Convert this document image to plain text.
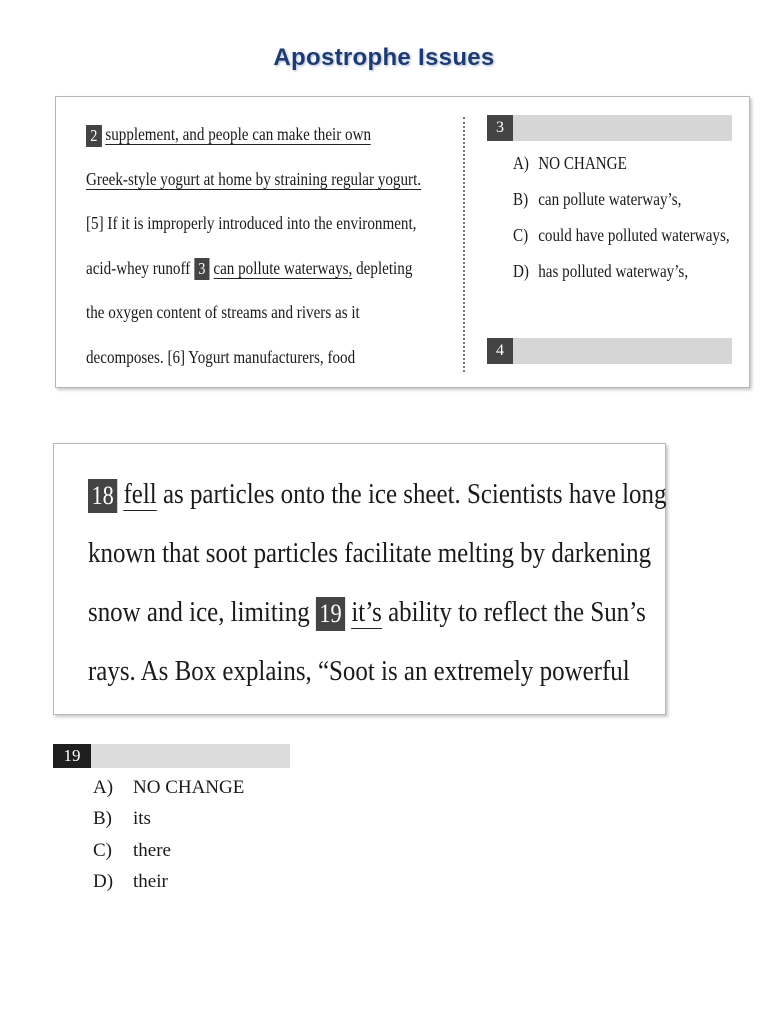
Apostrophe Issues
2 supplement, and people can make their own
Greek-style yogurt at home by straining regular yogurt.
[5] If it is improperly introduced into the environment,
acid-whey runoff 3 can pollute waterways, depleting
the oxygen content of streams and rivers as it
decomposes. [6] Yogurt manufacturers, food
3
A) NO CHANGE
B) can pollute waterway’s,
C) could have polluted waterways,
D) has polluted waterway’s,
4
18 fell as particles onto the ice sheet. Scientists have long
known that soot particles facilitate melting by darkening
snow and ice, limiting 19 it’s ability to reflect the Sun’s
rays. As Box explains, “Soot is an extremely powerful
19
A) NO CHANGE
B) its
C) there
D) their
